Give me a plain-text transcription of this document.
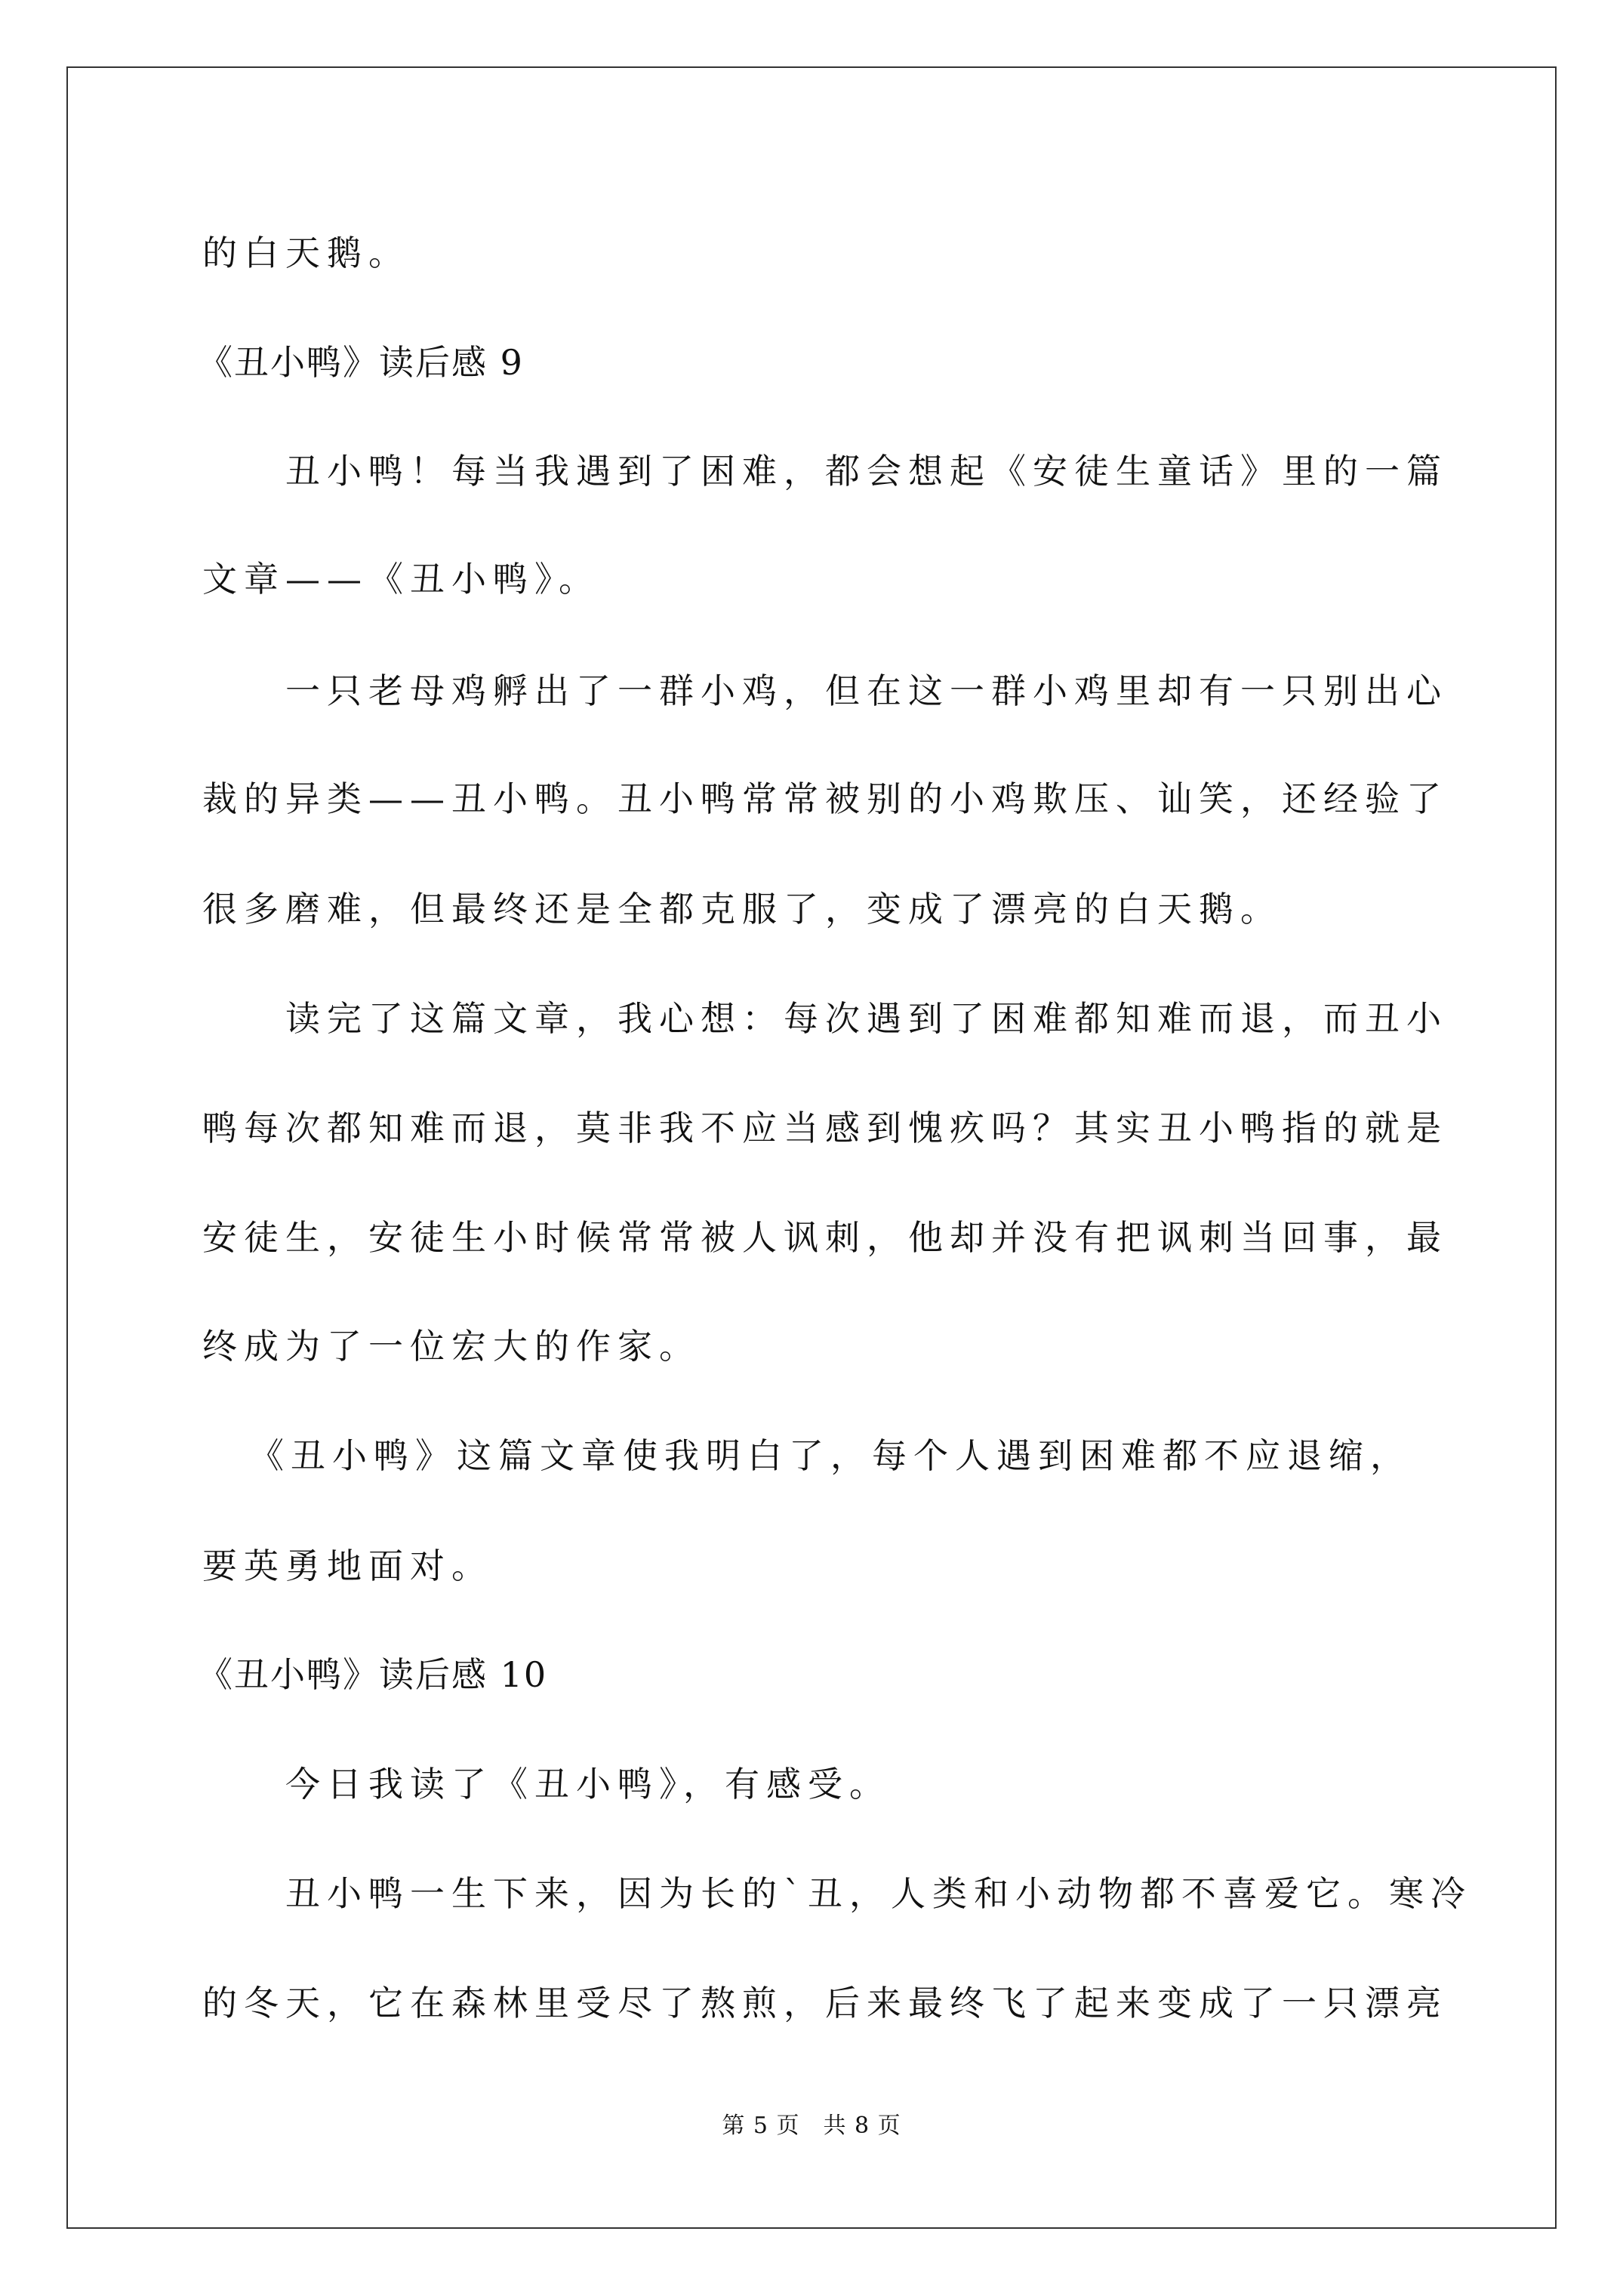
的白天鹅。
《丑小鸭》读后感 9
丑小鸭！每当我遇到了困难，都会想起《安徒生童话》里的一篇
文章——《丑小鸭》。
一只老母鸡孵出了一群小鸡，但在这一群小鸡里却有一只别出心
裁的异类——丑小鸭。丑小鸭常常被别的小鸡欺压、讪笑，还经验了
很多磨难，但最终还是全都克服了，变成了漂亮的白天鹅。
读完了这篇文章，我心想：每次遇到了困难都知难而退，而丑小
鸭每次都知难而退，莫非我不应当感到愧疚吗？其实丑小鸭指的就是
安徒生，安徒生小时候常常被人讽刺，他却并没有把讽刺当回事，最
终成为了一位宏大的作家。
《丑小鸭》这篇文章使我明白了，每个人遇到困难都不应退缩，
要英勇地面对。
《丑小鸭》读后感 10
今日我读了《丑小鸭》，有感受。
丑小鸭一生下来，因为长的`丑，人类和小动物都不喜爱它。寒冷
的冬天，它在森林里受尽了熬煎，后来最终飞了起来变成了一只漂亮
第 5 页　共 8 页
